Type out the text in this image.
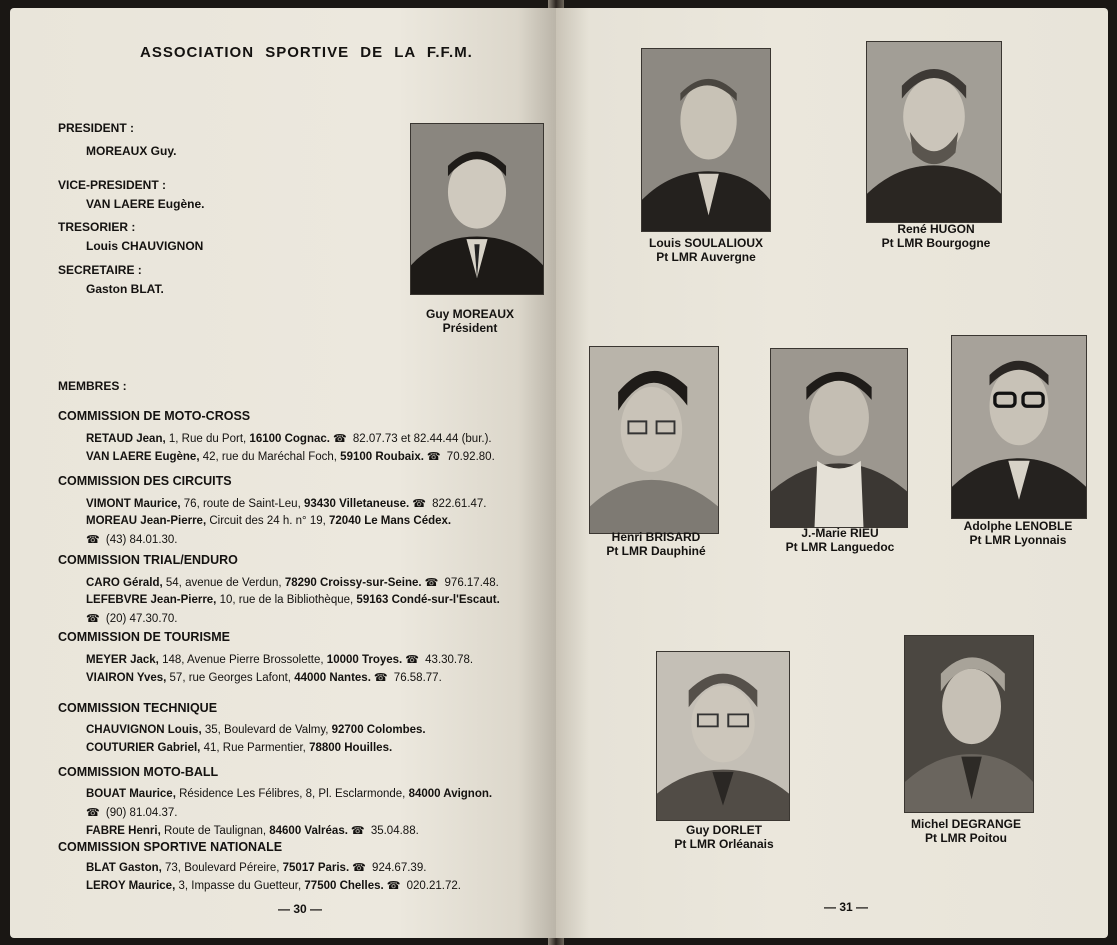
ASSOCIATION SPORTIVE DE LA F.F.M.
PRESIDENT :
MOREAUX Guy.
VICE-PRESIDENT :
VAN LAERE Eugène.
TRESORIER :
Louis CHAUVIGNON
SECRETAIRE :
Gaston BLAT.
Guy MOREAUX
Président
MEMBRES :
COMMISSION DE MOTO-CROSS
RETAUD Jean, 1, Rue du Port, 16100 Cognac. ☎ 82.07.73 et 82.44.44 (bur.).
VAN LAERE Eugène, 42, rue du Maréchal Foch, 59100 Roubaix. ☎ 70.92.80.
COMMISSION DES CIRCUITS
VIMONT Maurice, 76, route de Saint-Leu, 93430 Villetaneuse. ☎ 822.61.47.
MOREAU Jean-Pierre, Circuit des 24 h. n° 19, 72040 Le Mans Cédex.
☎ (43) 84.01.30.
COMMISSION TRIAL/ENDURO
CARO Gérald, 54, avenue de Verdun, 78290 Croissy-sur-Seine. ☎ 976.17.48.
LEFEBVRE Jean-Pierre, 10, rue de la Bibliothèque, 59163 Condé-sur-l'Escaut.
☎ (20) 47.30.70.
COMMISSION DE TOURISME
MEYER Jack, 148, Avenue Pierre Brossolette, 10000 Troyes. ☎ 43.30.78.
VIAIRON Yves, 57, rue Georges Lafont, 44000 Nantes. ☎ 76.58.77.
COMMISSION TECHNIQUE
CHAUVIGNON Louis, 35, Boulevard de Valmy, 92700 Colombes.
COUTURIER Gabriel, 41, Rue Parmentier, 78800 Houilles.
COMMISSION MOTO-BALL
BOUAT Maurice, Résidence Les Félibres, 8, Pl. Esclarmonde, 84000 Avignon.
☎ (90) 81.04.37.
FABRE Henri, Route de Taulignan, 84600 Valréas. ☎ 35.04.88.
COMMISSION SPORTIVE NATIONALE
BLAT Gaston, 73, Boulevard Péreire, 75017 Paris. ☎ 924.67.39.
LEROY Maurice, 3, Impasse du Guetteur, 77500 Chelles. ☎ 020.21.72.
— 30 —
Louis SOULALIOUX
Pt LMR Auvergne
René HUGON
Pt LMR Bourgogne
Henri BRISARD
Pt LMR Dauphiné
J.-Marie RIEU
Pt LMR Languedoc
Adolphe LENOBLE
Pt LMR Lyonnais
Guy DORLET
Pt LMR Orléanais
Michel DEGRANGE
Pt LMR Poitou
— 31 —
